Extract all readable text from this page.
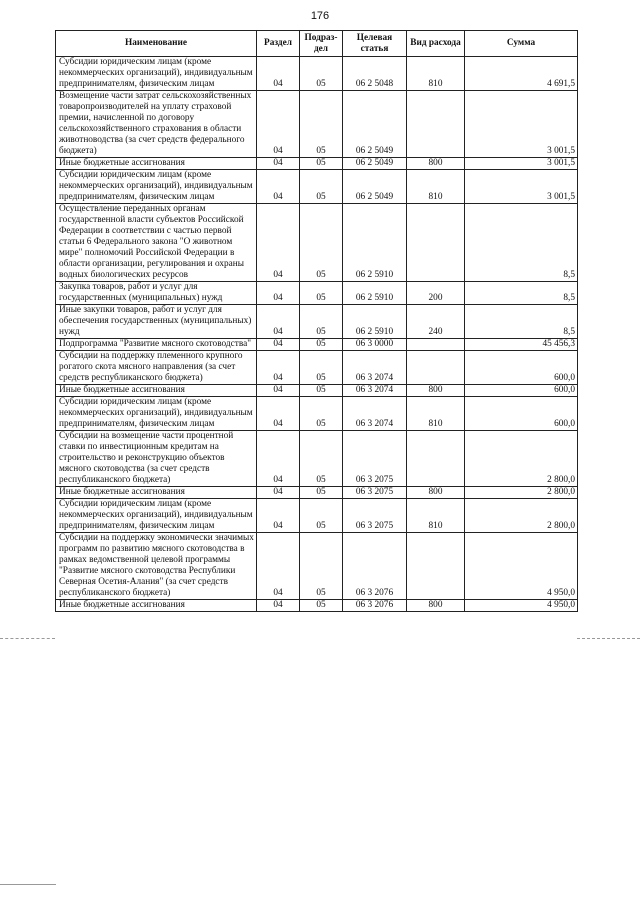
176
Наименование	Раздел	Подраз-дел	Целевая статья	Вид расхода	Сумма
Субсидии юридическим лицам (кроме некоммерческих организаций), индивидуальным предпринимателям, физическим лицам	04	05	06 2 5048	810	4 691,5
Возмещение части затрат сельскохозяйственных товаропроизводителей на уплату страховой премии, начисленной по договору сельскохозяйственного страхования в области животноводства (за счет средств федерального бюджета)	04	05	06 2 5049		3 001,5
Иные бюджетные ассигнования	04	05	06 2 5049	800	3 001,5
Субсидии юридическим лицам (кроме некоммерческих организаций), индивидуальным предпринимателям, физическим лицам	04	05	06 2 5049	810	3 001,5
Осуществление переданных органам государственной власти субъектов Российской Федерации в соответствии с частью первой статьи 6 Федерального закона "О животном мире" полномочий Российской Федерации в области организации, регулирования и охраны водных биологических ресурсов	04	05	06 2 5910		8,5
Закупка товаров, работ и услуг для государственных (муниципальных) нужд	04	05	06 2 5910	200	8,5
Иные закупки товаров, работ и услуг для обеспечения государственных (муниципальных) нужд	04	05	06 2 5910	240	8,5
Подпрограмма "Развитие мясного скотоводства"	04	05	06 3 0000		45 456,3
Субсидии на поддержку племенного крупного рогатого скота мясного направления (за счет средств республиканского бюджета)	04	05	06 3 2074		600,0
Иные бюджетные ассигнования	04	05	06 3 2074	800	600,0
Субсидии юридическим лицам (кроме некоммерческих организаций), индивидуальным предпринимателям, физическим лицам	04	05	06 3 2074	810	600,0
Субсидии на возмещение части процентной ставки по инвестиционным кредитам на строительство и реконструкцию объектов мясного скотоводства (за счет средств республиканского бюджета)	04	05	06 3 2075		2 800,0
Иные бюджетные ассигнования	04	05	06 3 2075	800	2 800,0
Субсидии юридическим лицам (кроме некоммерческих организаций), индивидуальным предпринимателям, физическим лицам	04	05	06 3 2075	810	2 800,0
Субсидии на поддержку экономически значимых программ по развитию мясного скотоводства в рамках ведомственной целевой программы "Развитие мясного скотоводства Республики Северная Осетия-Алания" (за счет средств республиканского бюджета)	04	05	06 3 2076		4 950,0
Иные бюджетные ассигнования	04	05	06 3 2076	800	4 950,0
